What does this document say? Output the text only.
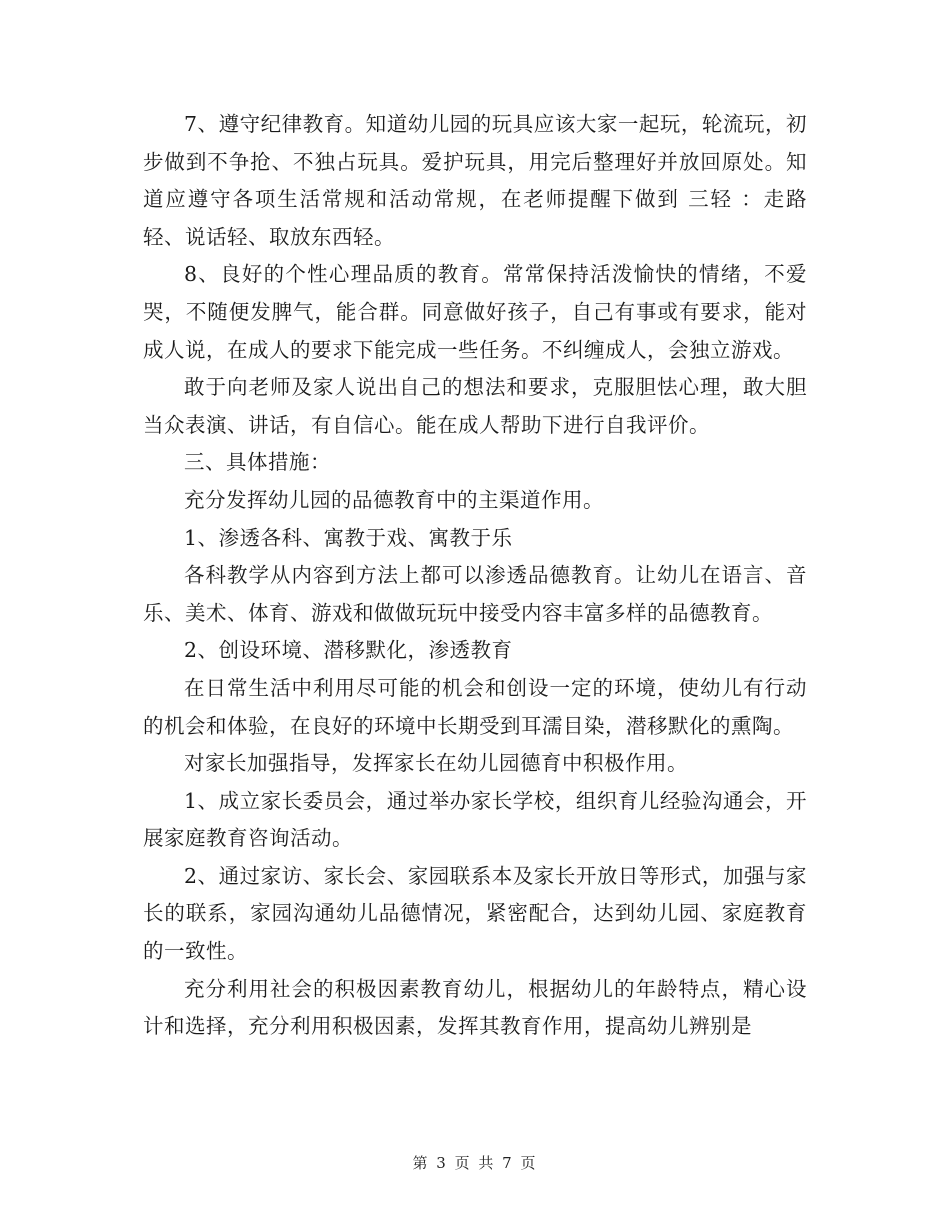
7、遵守纪律教育。知道幼儿园的玩具应该大家一起玩，轮流玩，初步做到不争抢、不独占玩具。爱护玩具，用完后整理好并放回原处。知道应遵守各项生活常规和活动常规，在老师提醒下做到 三轻 ：走路轻、说话轻、取放东西轻。

8、良好的个性心理品质的教育。常常保持活泼愉快的情绪，不爱哭，不随便发脾气，能合群。同意做好孩子，自己有事或有要求，能对成人说，在成人的要求下能完成一些任务。不纠缠成人，会独立游戏。

敢于向老师及家人说出自己的想法和要求，克服胆怯心理，敢大胆当众表演、讲话，有自信心。能在成人帮助下进行自我评价。

三、具体措施：

充分发挥幼儿园的品德教育中的主渠道作用。

1、渗透各科、寓教于戏、寓教于乐

各科教学从内容到方法上都可以渗透品德教育。让幼儿在语言、音乐、美术、体育、游戏和做做玩玩中接受内容丰富多样的品德教育。

2、创设环境、潜移默化，渗透教育

在日常生活中利用尽可能的机会和创设一定的环境，使幼儿有行动的机会和体验，在良好的环境中长期受到耳濡目染，潜移默化的熏陶。

对家长加强指导，发挥家长在幼儿园德育中积极作用。

1、成立家长委员会，通过举办家长学校，组织育儿经验沟通会，开展家庭教育咨询活动。

2、通过家访、家长会、家园联系本及家长开放日等形式，加强与家长的联系，家园沟通幼儿品德情况，紧密配合，达到幼儿园、家庭教育的一致性。

充分利用社会的积极因素教育幼儿，根据幼儿的年龄特点，精心设计和选择，充分利用积极因素，发挥其教育作用，提高幼儿辨别是

第 3 页 共 7 页
